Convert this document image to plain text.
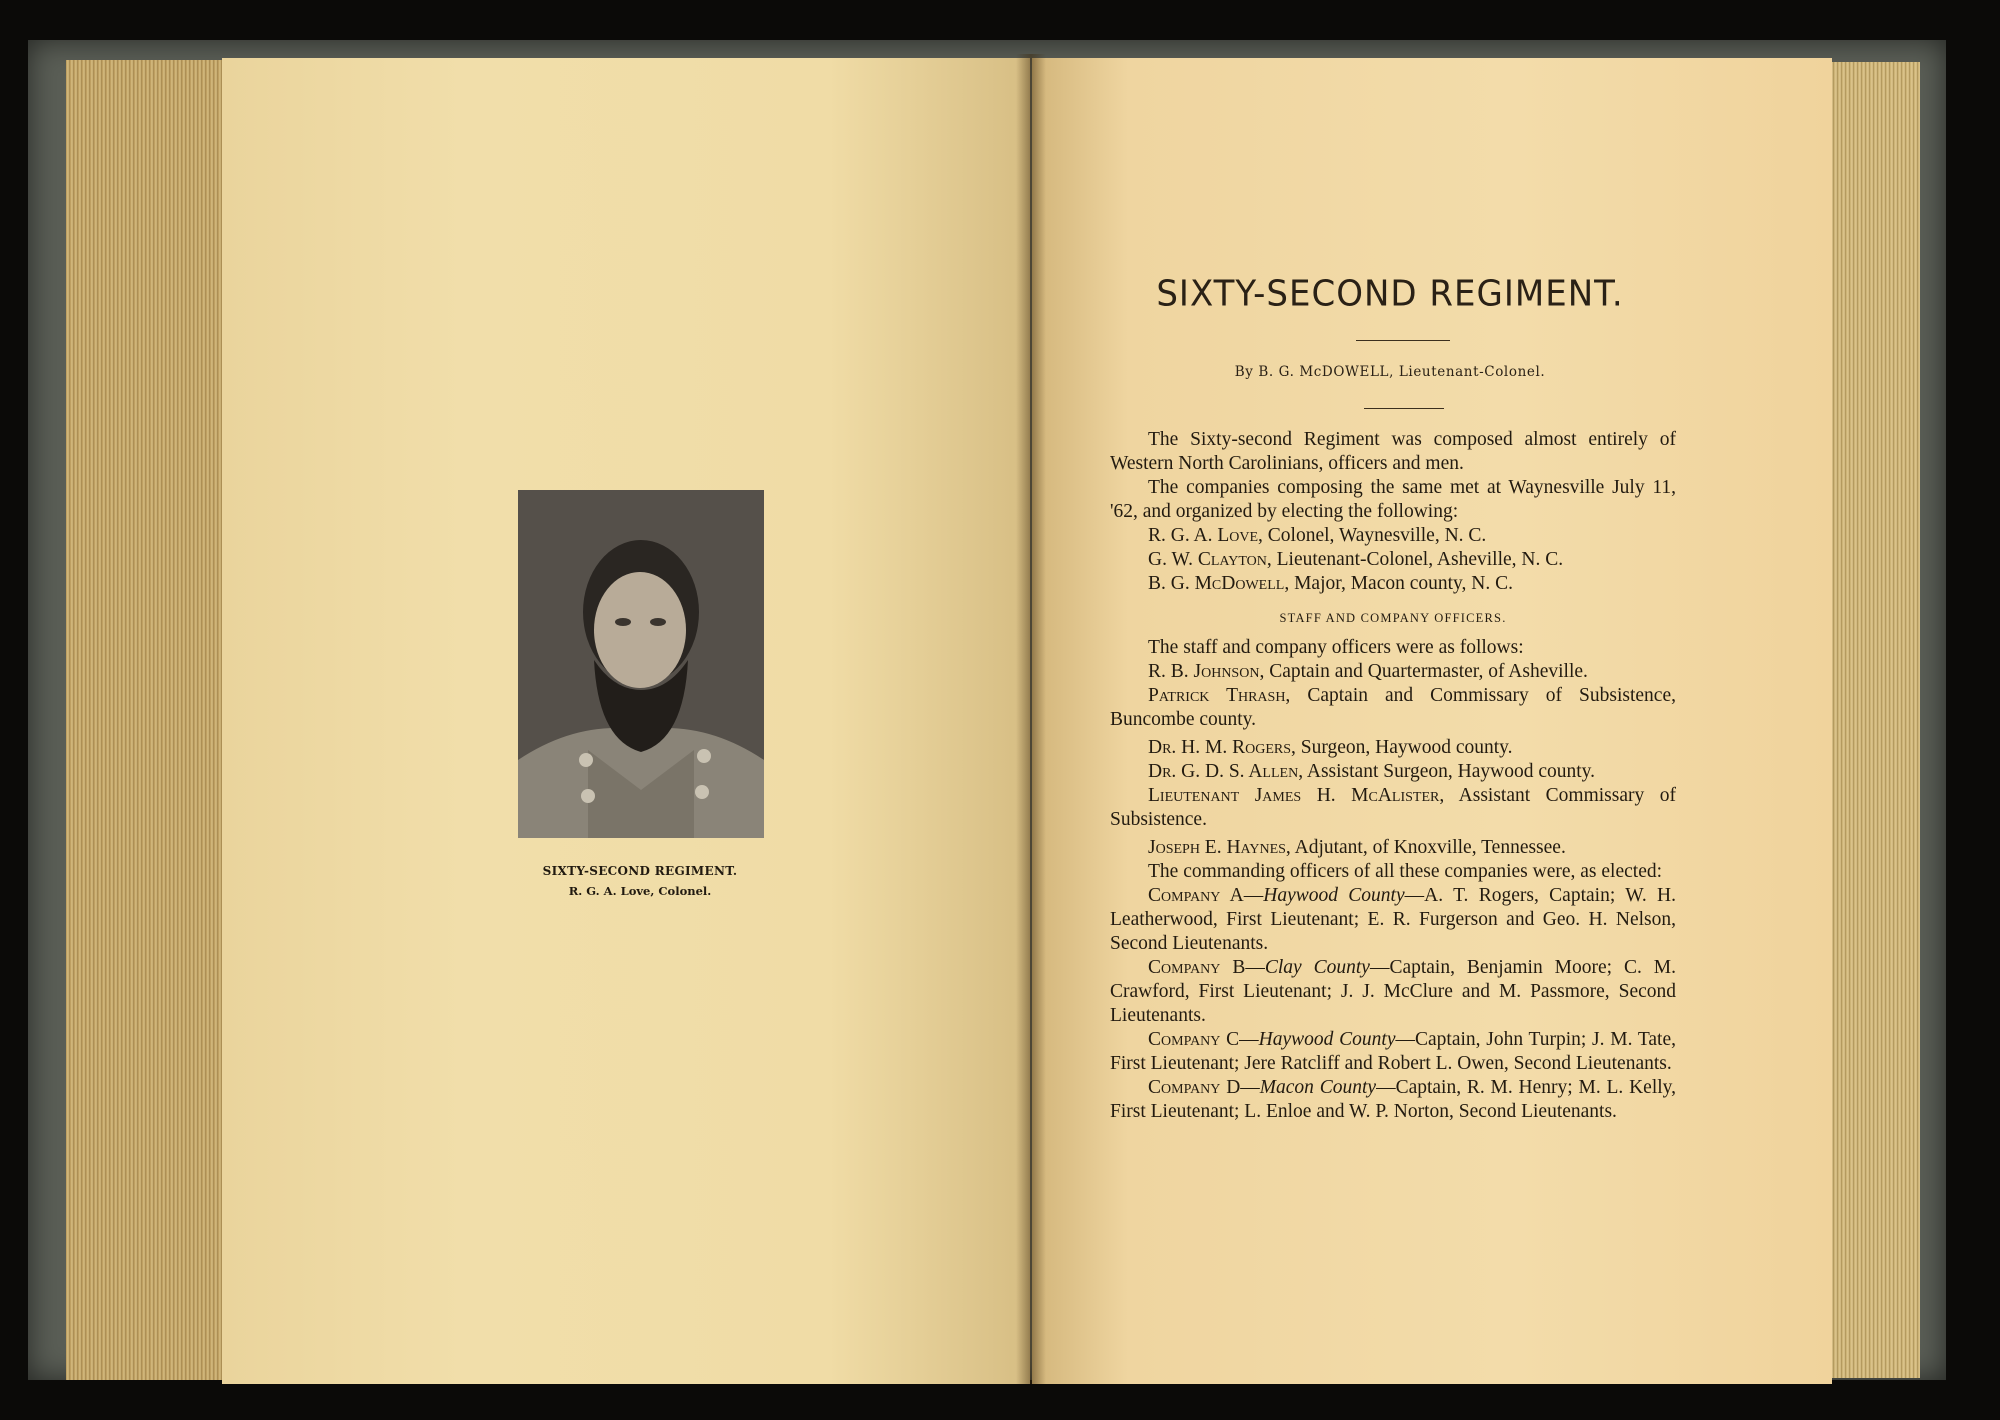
SIXTY-SECOND REGIMENT.
R. G. A. Love, Colonel.
SIXTY-SECOND REGIMENT.
By B. G. McDOWELL, Lieutenant-Colonel.

The Sixty-second Regiment was composed almost entirely of Western North Carolinians, officers and men.

The companies composing the same met at Waynesville July 11, '62, and organized by electing the following:

R. G. A. Love, Colonel, Waynesville, N. C.

G. W. Clayton, Lieutenant-Colonel, Asheville, N. C.

B. G. McDowell, Major, Macon county, N. C.

STAFF AND COMPANY OFFICERS.

The staff and company officers were as follows:

R. B. Johnson, Captain and Quartermaster, of Asheville.

Patrick Thrash, Captain and Commissary of Subsistence, Buncombe county.

Dr. H. M. Rogers, Surgeon, Haywood county.

Dr. G. D. S. Allen, Assistant Surgeon, Haywood county.

Lieutenant James H. McAlister, Assistant Commissary of Subsistence.

Joseph E. Haynes, Adjutant, of Knoxville, Tennessee.

The commanding officers of all these companies were, as elected:

Company A—Haywood County—A. T. Rogers, Captain; W. H. Leatherwood, First Lieutenant; E. R. Furgerson and Geo. H. Nelson, Second Lieutenants.

Company B—Clay County—Captain, Benjamin Moore; C. M. Crawford, First Lieutenant; J. J. McClure and M. Passmore, Second Lieutenants.

Company C—Haywood County—Captain, John Turpin; J. M. Tate, First Lieutenant; Jere Ratcliff and Robert L. Owen, Second Lieutenants.

Company D—Macon County—Captain, R. M. Henry; M. L. Kelly, First Lieutenant; L. Enloe and W. P. Norton, Second Lieutenants.
